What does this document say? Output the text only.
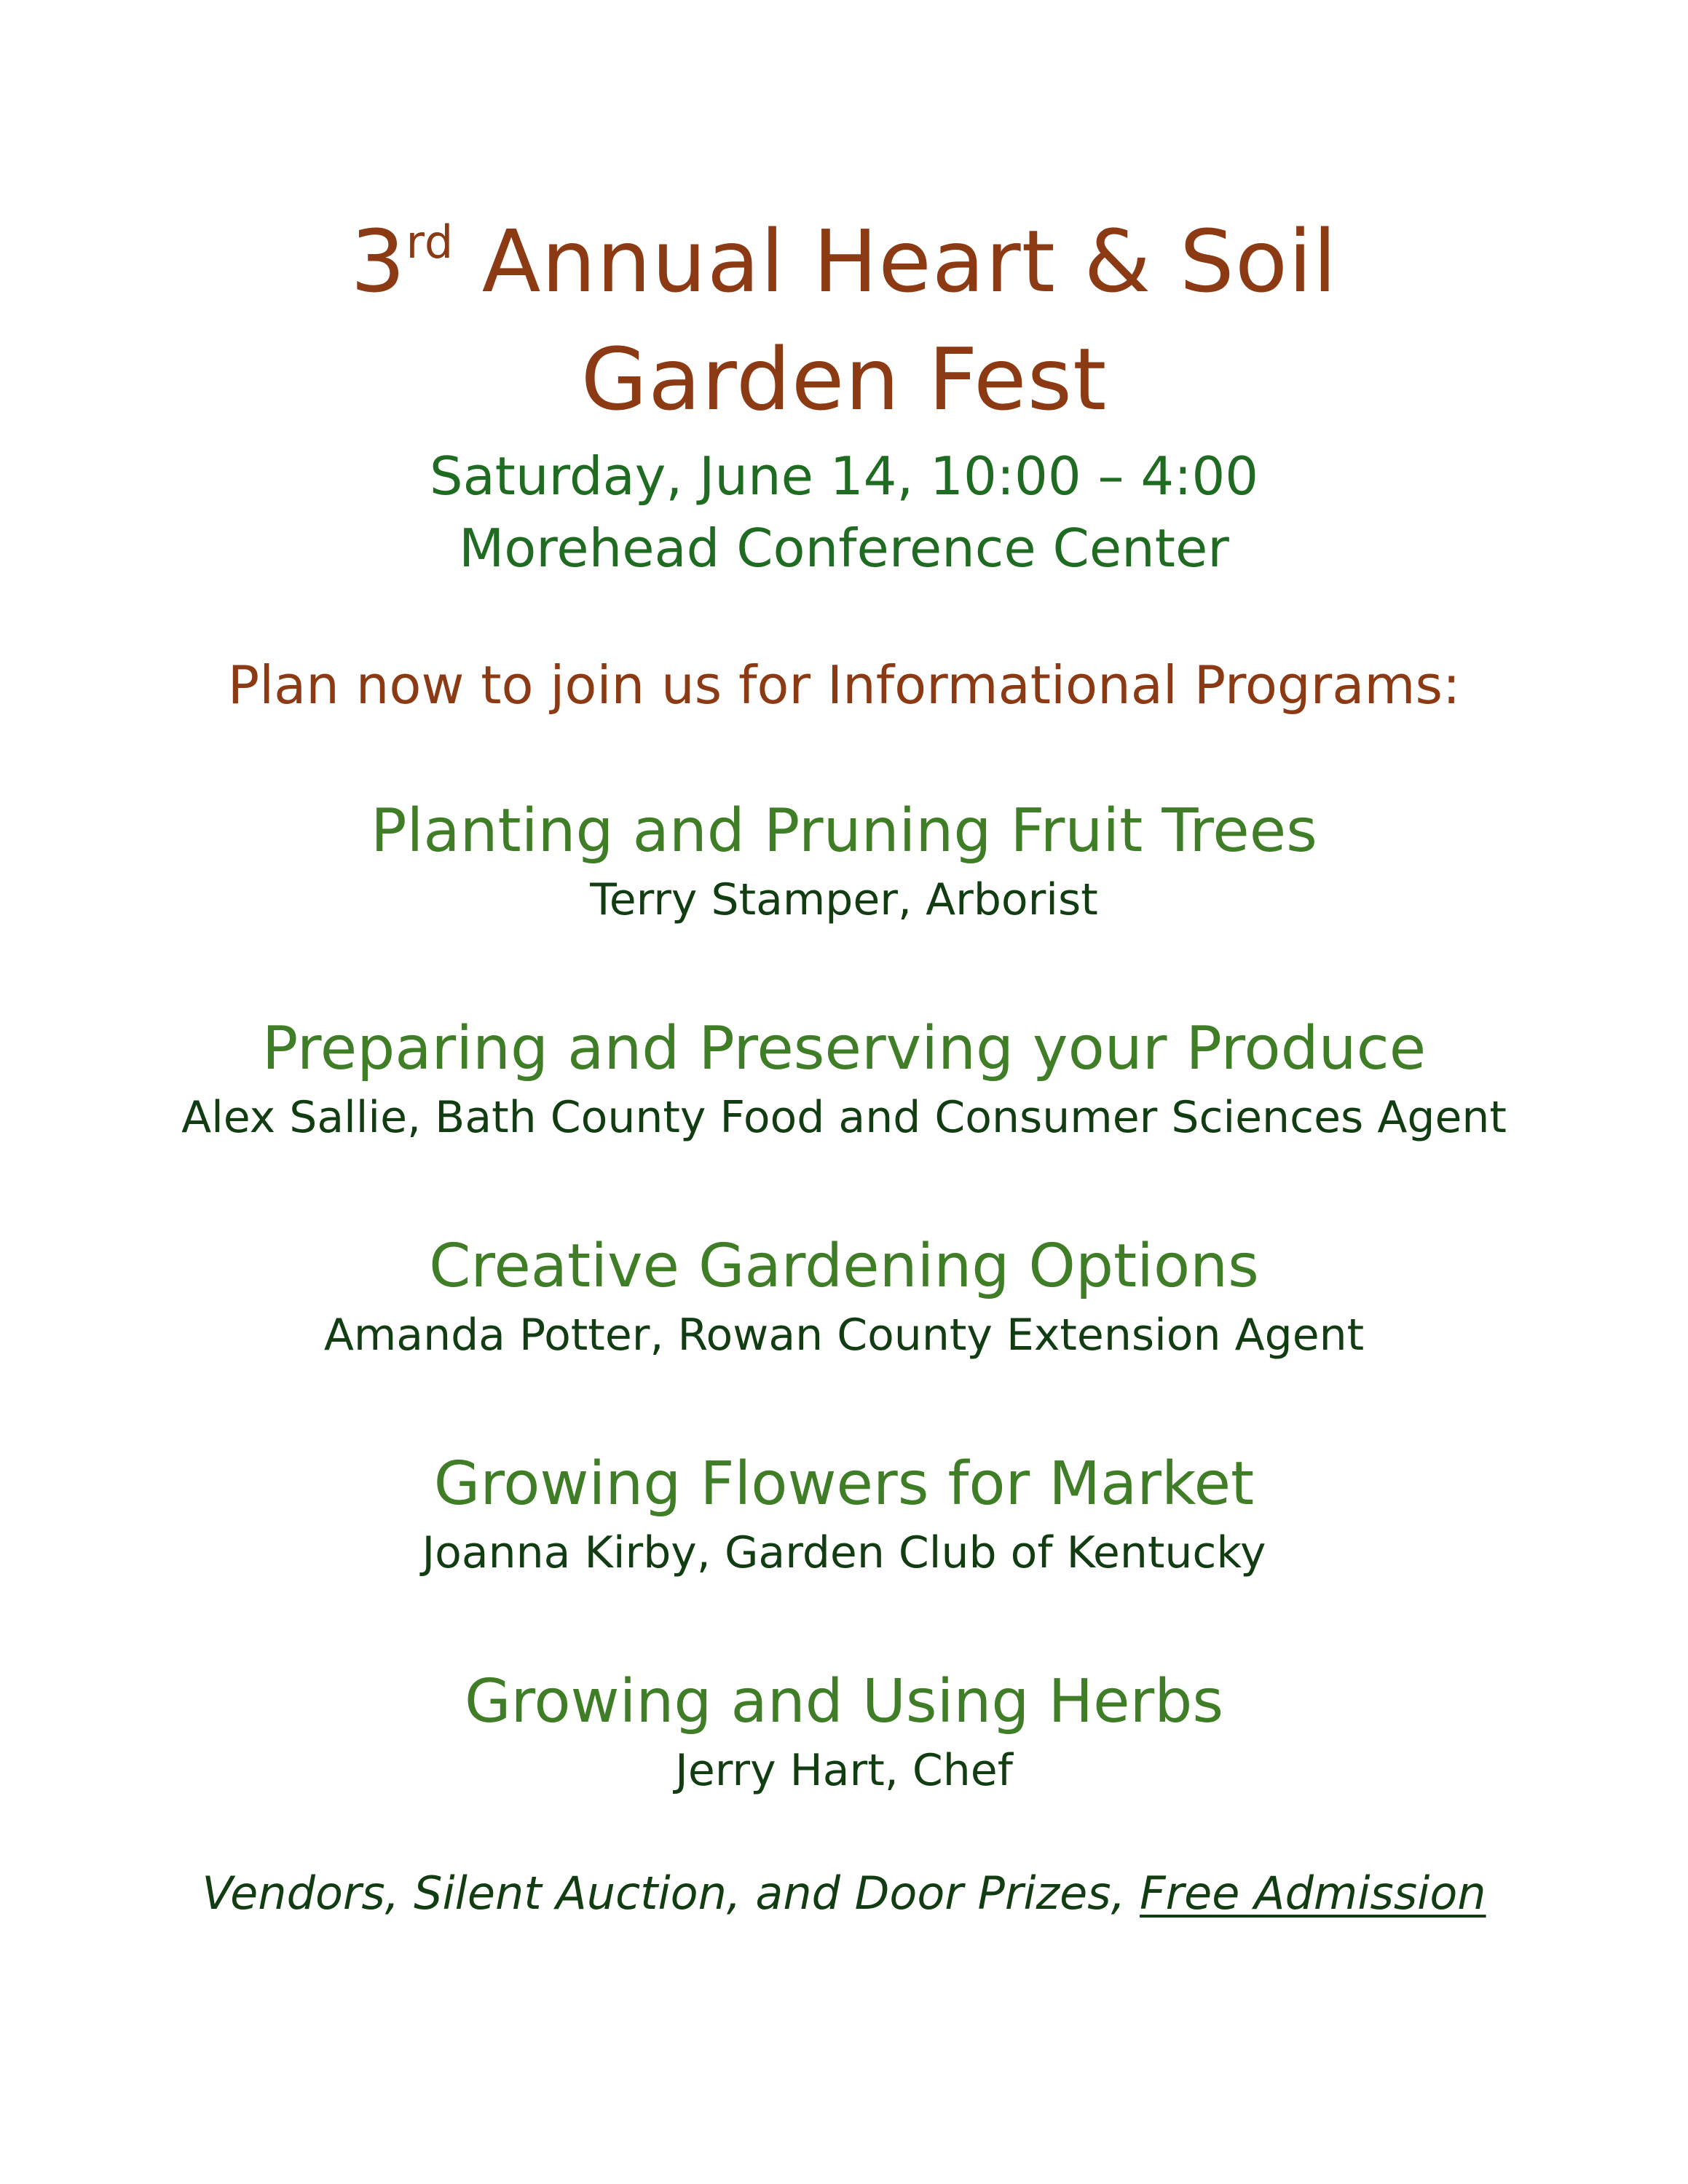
3rd Annual Heart & Soil
Garden Fest
Saturday, June 14, 10:00 – 4:00
Morehead Conference Center
Plan now to join us for Informational Programs:
Planting and Pruning Fruit Trees
Terry Stamper, Arborist
Preparing and Preserving your Produce
Alex Sallie, Bath County Food and Consumer Sciences Agent
Creative Gardening Options
Amanda Potter, Rowan County Extension Agent
Growing Flowers for Market
Joanna Kirby, Garden Club of Kentucky
Growing and Using Herbs
Jerry Hart, Chef
Vendors, Silent Auction, and Door Prizes, Free Admission
